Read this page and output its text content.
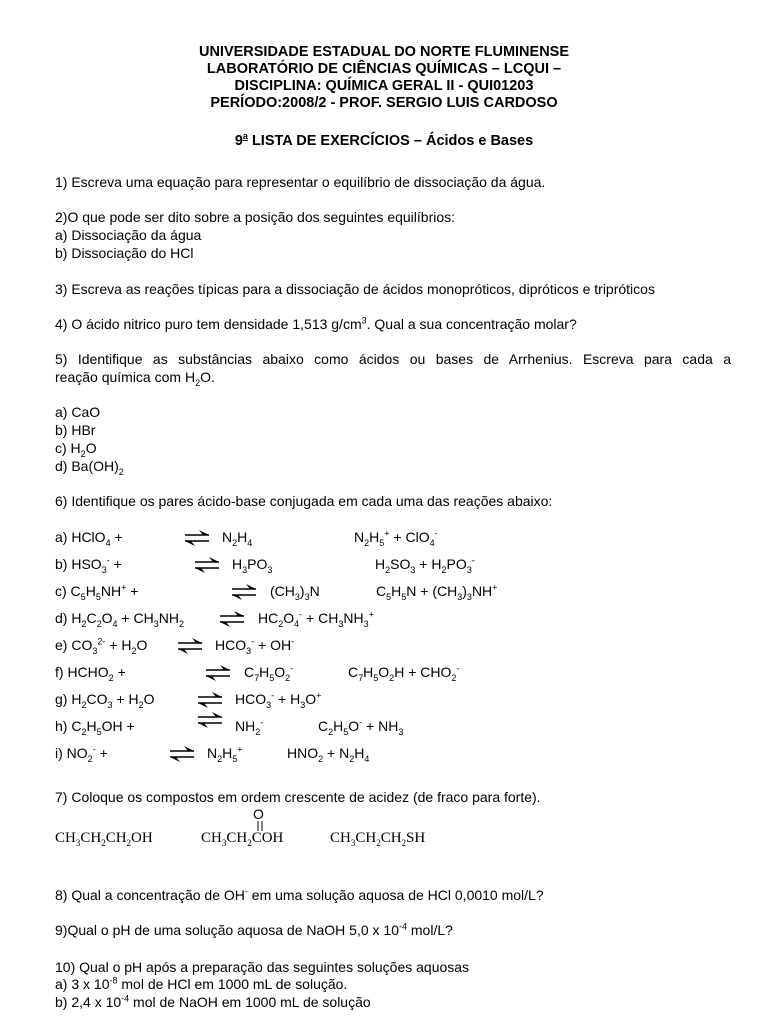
UNIVERSIDADE ESTADUAL DO NORTE FLUMINENSE
LABORATÓRIO DE CIÊNCIAS QUÍMICAS – LCQUI –
DISCIPLINA: QUÍMICA GERAL II - QUI01203
PERÍODO:2008/2 - PROF. SERGIO LUIS CARDOSO
9$^a$ LISTA DE EXERCÍCIOS – Ácidos e Bases
1) Escreva uma equação para representar o equilíbrio de dissociação da água.
2)O que pode ser dito sobre a posição dos seguintes equilíbrios:
a) Dissociação da água
b) Dissociação do HCl
3) Escreva as reações típicas para a dissociação de ácidos monopróticos, dipróticos e tripróticos
4) O ácido nitrico puro tem densidade 1,513 $g/cm^3$. Qual a sua concentração molar?
5) Identifique as substâncias abaixo como ácidos ou bases de Arrhenius. Escreva para cada a
reação química com $H_2O$.
a) CaO
b) HBr
c) $H_2O$
d) $Ba(OH)_2$
6) Identifique os pares ácido-base conjugada em cada uma das reações abaixo:
a) HClO$_4$ +	⇌ $N_2H_4$	$N_2H_5^+ + ClO_4^-$
b) $HSO_3^-$ +	⇌ $H_3PO_3$	$H_2SO_3 + H_2PO_3^-$
c) $C_5H_5NH^+$ +	⇌ $(CH_3)_3N$	$C_5H_5N + (CH_3)_3NH^+$
d) $H_2C_2O_4 + CH_3NH_2$ ⇌ $HC_2O_4^- + CH_3NH_3^+$
e) $CO_3^{2-} + H_2O$ ⇌ $HCO_3^- + OH^-$
f) $HCHO_2$ +	⇌ $C_7H_5O_2^-$	$C_7H_5O_2H + CHO_2^-$
g) $H_2CO_3 + H_2O$	⇌ $HCO_3^- + H_3O^+$
h) $C_2H_5OH$ +	⇌ $NH_2^-$	$C_2H_5O^- + NH_3$
i) $NO_2^-$ +	⇌ $N_2H_5^+$	$HNO_2 + N_2H_4$
7) Coloque os compostos em ordem crescente de acidez (de fraco para forte).
O
$CH_3CH_2CH_2OH$	$CH_3CH_2COH$	$CH_3CH_2CH_2SH$
8) Qual a concentração de OH- em uma solução aquosa de HCl 0,0010 mol/L?
9)Qual o pH de uma solução aquosa de NaOH 5,0 x $10^{-4}$ mol/L?
10) Qual o pH após a preparação das seguintes soluções aquosas
a) 3 x $10^{-8}$ mol de HCl em 1000 mL de solução.
b) 2,4 x $10^{-4}$ mol de NaOH em 1000 mL de solução
